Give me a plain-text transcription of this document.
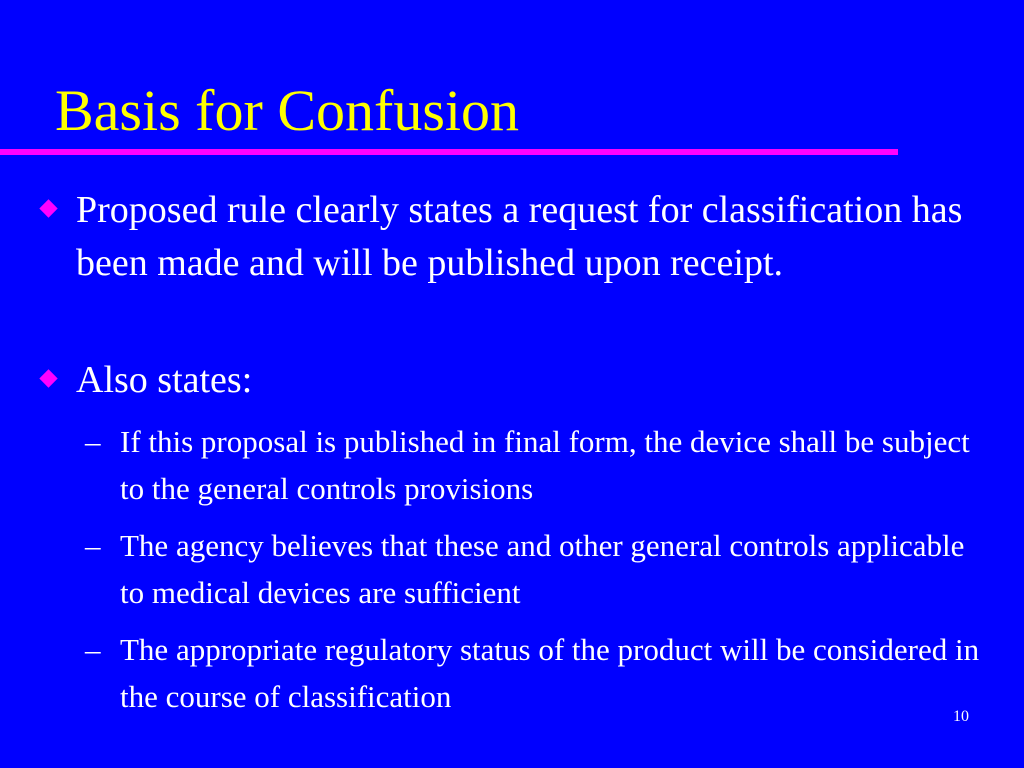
Basis for Confusion
Proposed rule clearly states a request for classification has been made and will be published upon receipt.
Also states:
– If this proposal is published in final form, the device shall be subject to the general controls provisions
– The agency believes that these and other general controls applicable to medical devices are sufficient
– The appropriate regulatory status of the product will be considered in the course of classification
10
